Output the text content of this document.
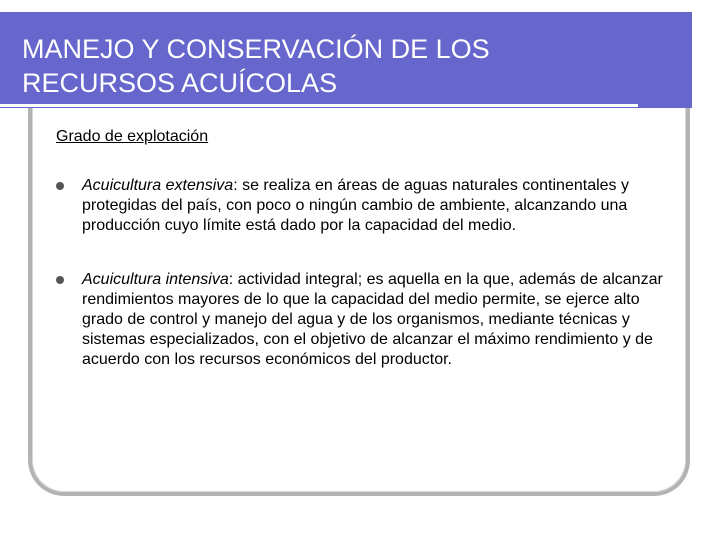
MANEJO Y CONSERVACIÓN DE LOS
RECURSOS ACUÍCOLAS

Grado de explotación

Acuicultura extensiva: se realiza en áreas de aguas naturales continentales y protegidas del país, con poco o ningún cambio de ambiente, alcanzando una producción cuyo límite está dado por la capacidad del medio.
Acuicultura intensiva: actividad integral; es aquella en la que, además de alcanzar rendimientos mayores de lo que la capacidad del medio permite, se ejerce alto grado de control y manejo del agua y de los organismos, mediante técnicas y sistemas especializados, con el objetivo de alcanzar el máximo rendimiento y de acuerdo con los recursos económicos del productor.
